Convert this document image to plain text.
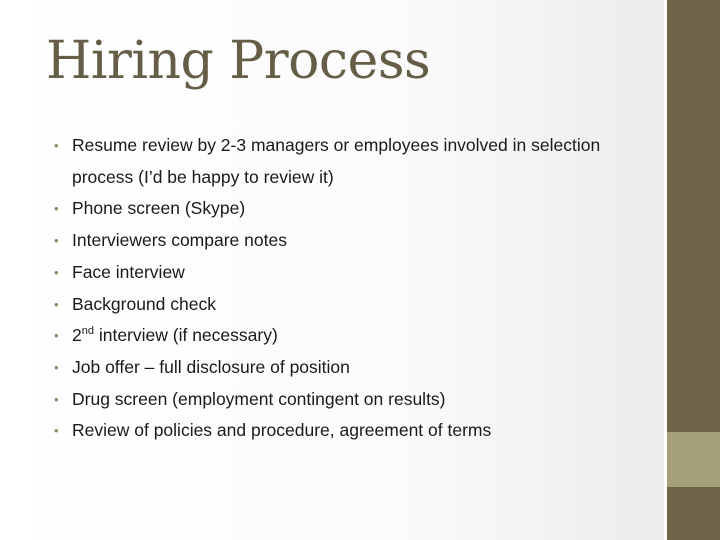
Hiring Process
• Resume review by 2-3 managers or employees involved in selection process (I’d be happy to review it)
• Phone screen (Skype)
• Interviewers compare notes
• Face interview
• Background check
• 2nd interview (if necessary)
• Job offer – full disclosure of position
• Drug screen (employment contingent on results)
• Review of policies and procedure, agreement of terms
